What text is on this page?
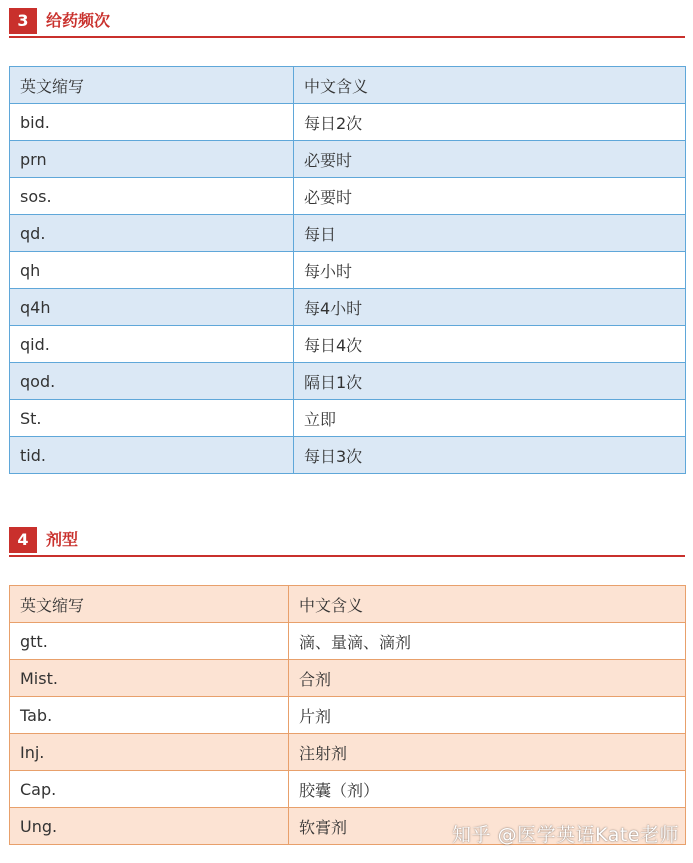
3	给药频次
英文缩写	中文含义
bid.	每日2次
prn	必要时
sos.	必要时
qd.	每日
qh	每小时
q4h	每4小时
qid.	每日4次
qod.	隔日1次
St.	立即
tid.	每日3次
4	剂型
英文缩写	中文含义
gtt.	滴、量滴、滴剂
Mist.	合剂
Tab.	片剂
Inj.	注射剂
Cap.	胶囊（剂）
Ung.	软膏剂	知乎 @医学英语Kate老师
